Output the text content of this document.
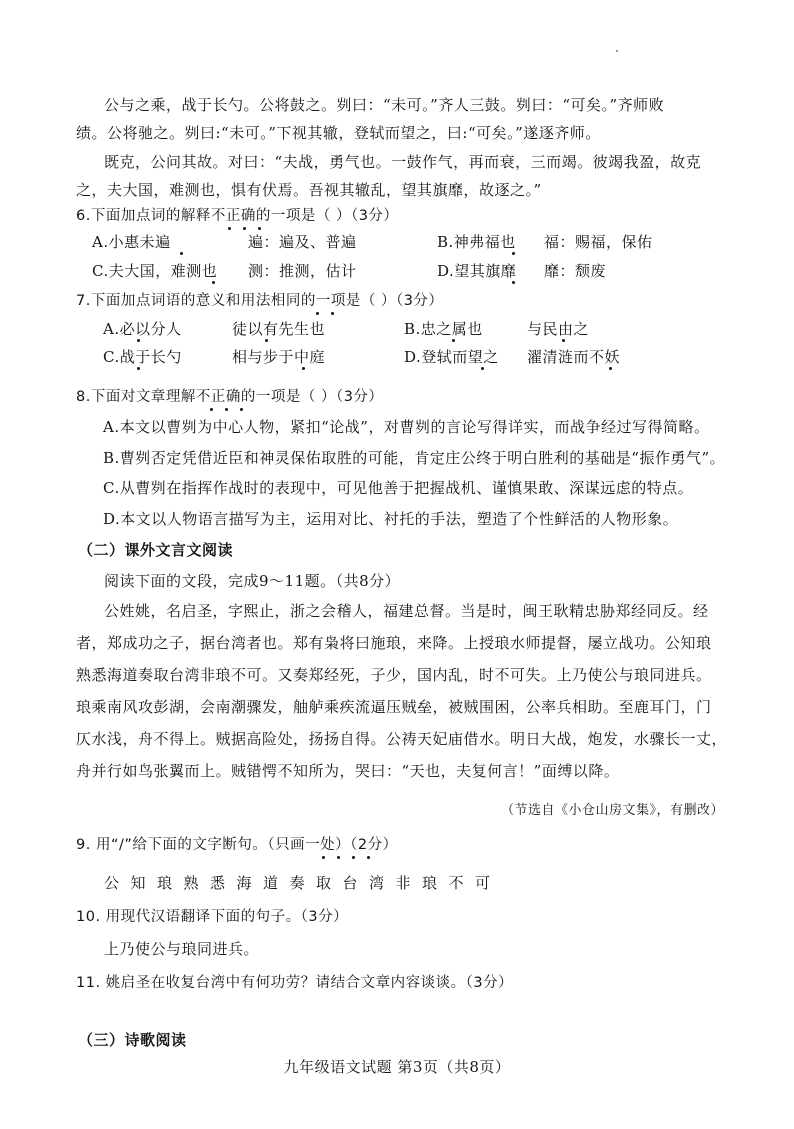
公与之乘，战于长勺。公将鼓之。刿曰：“未可。”齐人三鼓。刿曰：“可矣。”齐师败
绩。公将驰之。刿曰:“未可。”下视其辙，登轼而望之，曰:“可矣。”遂逐齐师。
既克，公问其故。对曰：“夫战，勇气也。一鼓作气，再而衰，三而竭。彼竭我盈，故克
之，夫大国，难测也，惧有伏焉。吾视其辙乱，望其旗靡，故逐之。”
6.下面加点词的解释不正确的一项是（ ）（3分）
A.小惠未遍	遍：遍及、普遍	B.神弗福也 福：赐福，保佑
C.夫大国，难测也 测：推测，估计	D.望其旗靡 靡：颓废
7.下面加点词语的意义和用法相同的一项是（ ）（3分）
A.必以分人	徒以有先生也	B.忠之属也	与民由之
C.战于长勺	相与步于中庭	D.登轼而望之 濯清涟而不妖
8.下面对文章理解不正确的一项是（ ）（3分）
A.本文以曹刿为中心人物，紧扣“论战”，对曹刿的言论写得详实，而战争经过写得简略。
B.曹刿否定凭借近臣和神灵保佑取胜的可能，肯定庄公终于明白胜利的基础是“振作勇气”。
C.从曹刿在指挥作战时的表现中，可见他善于把握战机、谨慎果敢、深谋远虑的特点。
D.本文以人物语言描写为主，运用对比、衬托的手法，塑造了个性鲜活的人物形象。
（二）课外文言文阅读
阅读下面的文段，完成9～11题。（共8分）
公姓姚，名启圣，字熙止，浙之会稽人，福建总督。当是时，闽王耿精忠胁郑经同反。经
者，郑成功之子，据台湾者也。郑有枭将曰施琅，来降。上授琅水师提督，屡立战功。公知琅
熟悉海道奏取台湾非琅不可。又奏郑经死，子少，国内乱，时不可失。上乃使公与琅同进兵。
琅乘南风攻彭湖，会南潮骤发，舳舻乘疾流逼压贼垒，被贼围困，公率兵相助。至鹿耳门，门
仄水浅，舟不得上。贼据高险处，扬扬自得。公祷天妃庙借水。明日大战，炮发，水骤长一丈，
舟并行如鸟张翼而上。贼错愕不知所为，哭曰：“天也，夫复何言！”面缚以降。
（节选自《小仓山房文集》，有删改）
9. 用“/”给下面的文字断句。（只画一处）（2分）
公知琅熟悉海道奏取台湾非琅不可
10. 用现代汉语翻译下面的句子。（3分）
上乃使公与琅同进兵。
11. 姚启圣在收复台湾中有何功劳？请结合文章内容谈谈。（3分）
（三）诗歌阅读
九年级语文试题 第3页（共8页）
